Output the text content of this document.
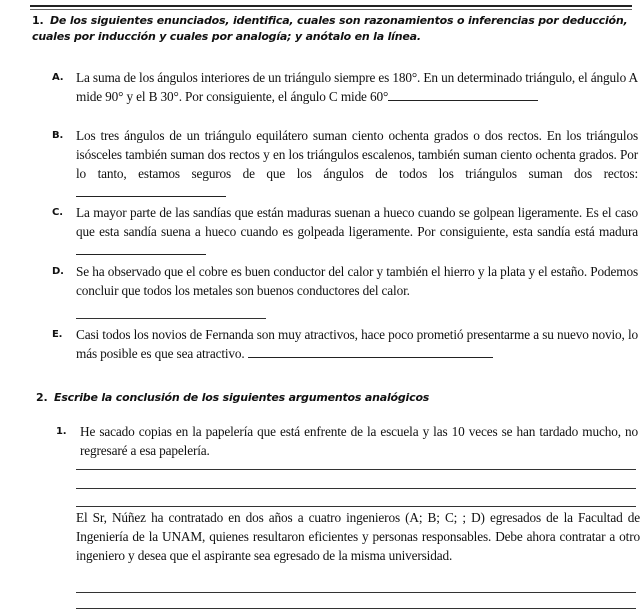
1. De los siguientes enunciados, identifica, cuales son razonamientos o inferencias por deducción, cuales por inducción y cuales por analogía; y anótalo en la línea.
A. La suma de los ángulos interiores de un triángulo siempre es 180°. En un determinado triángulo, el ángulo A mide 90° y el B 30°. Por consiguiente, el ángulo C mide 60°
B. Los tres ángulos de un triángulo equilátero suman ciento ochenta grados o dos rectos. En los triángulos isósceles también suman dos rectos y en los triángulos escalenos, también suman ciento ochenta grados. Por lo tanto, estamos seguros de que los ángulos de todos los triángulos suman dos rectos:
C. La mayor parte de las sandías que están maduras suenan a hueco cuando se golpean ligeramente. Es el caso que esta sandía suena a hueco cuando es golpeada ligeramente. Por consiguiente, esta sandía está madura
D. Se ha observado que el cobre es buen conductor del calor y también el hierro y la plata y el estaño. Podemos concluir que todos los metales son buenos conductores del calor.
E. Casi todos los novios de Fernanda son muy atractivos, hace poco prometió presentarme a su nuevo novio, lo más posible es que sea atractivo.
2. Escribe la conclusión de los siguientes argumentos analógicos
1. He sacado copias en la papelería que está enfrente de la escuela y las 10 veces se han tardado mucho, no regresaré a esa papelería.
El Sr, Núñez ha contratado en dos años a cuatro ingenieros (A; B; C; ; D) egresados de la Facultad de Ingeniería de la UNAM, quienes resultaron eficientes y personas responsables. Debe ahora contratar a otro ingeniero y desea que el aspirante sea egresado de la misma universidad.
